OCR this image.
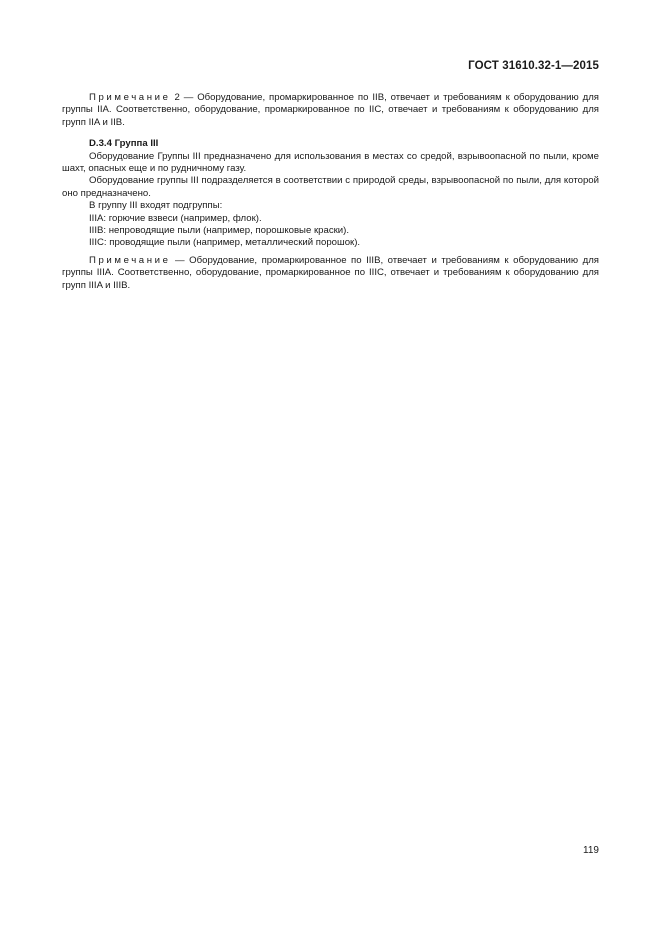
ГОСТ 31610.32-1—2015

Примечание 2 — Оборудование, промаркированное по IIB, отвечает и требованиям к оборудованию для группы IIA. Соответственно, оборудование, промаркированное по IIC, отвечает и требованиям к оборудованию для групп IIA и IIB.

D.3.4 Группа III

Оборудование Группы III предназначено для использования в местах со средой, взрывоопасной по пыли, кроме шахт, опасных еще и по рудничному газу.

Оборудование группы III подразделяется в соответствии с природой среды, взрывоопасной по пыли, для которой оно предназначено.

В группу III входят подгруппы:

IIIA: горючие взвеси (например, флок).

IIIB: непроводящие пыли (например, порошковые краски).

IIIC: проводящие пыли (например, металлический порошок).

Примечание — Оборудование, промаркированное по IIIB, отвечает и требованиям к оборудованию для группы IIIA. Соответственно, оборудование, промаркированное по IIIC, отвечает и требованиям к оборудованию для групп IIIA и IIIB.

119
